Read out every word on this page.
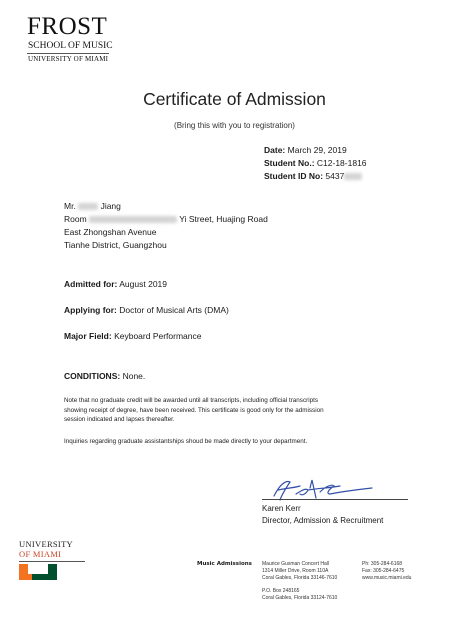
FROST
SCHOOL OF MUSIC
UNIVERSITY OF MIAMI
Certificate of Admission
(Bring this with you to registration)
Date: March 29, 2019
Student No.: C12-18-1816
Student ID No: 5437
Mr.	Jiang
Room	Yi Street, Huajing Road
East Zhongshan Avenue
Tianhe District, Guangzhou
Admitted for: August 2019
Applying for: Doctor of Musical Arts (DMA)
Major Field: Keyboard Performance
CONDITIONS: None.
Note that no graduate credit will be awarded until all transcripts, including official transcripts
showing receipt of degree, have been received. This certificate is good only for the admission
session indicated and lapses thereafter.
Inquiries regarding graduate assistantships shoud be made directly to your department.
Karen Kerr
Director, Admission & Recruitment
UNIVERSITY
OF MIAMI
Music Admissions Maurice Gusman Concert Hall
1314 Miller Drive, Room 110A
Coral Gables, Florida 33146-7610
P.O. Box 248165
Coral Gables, Florida 33124-7610
Ph: 305-284-6168
Fax: 305-284-6475
www.music.miami.edu
